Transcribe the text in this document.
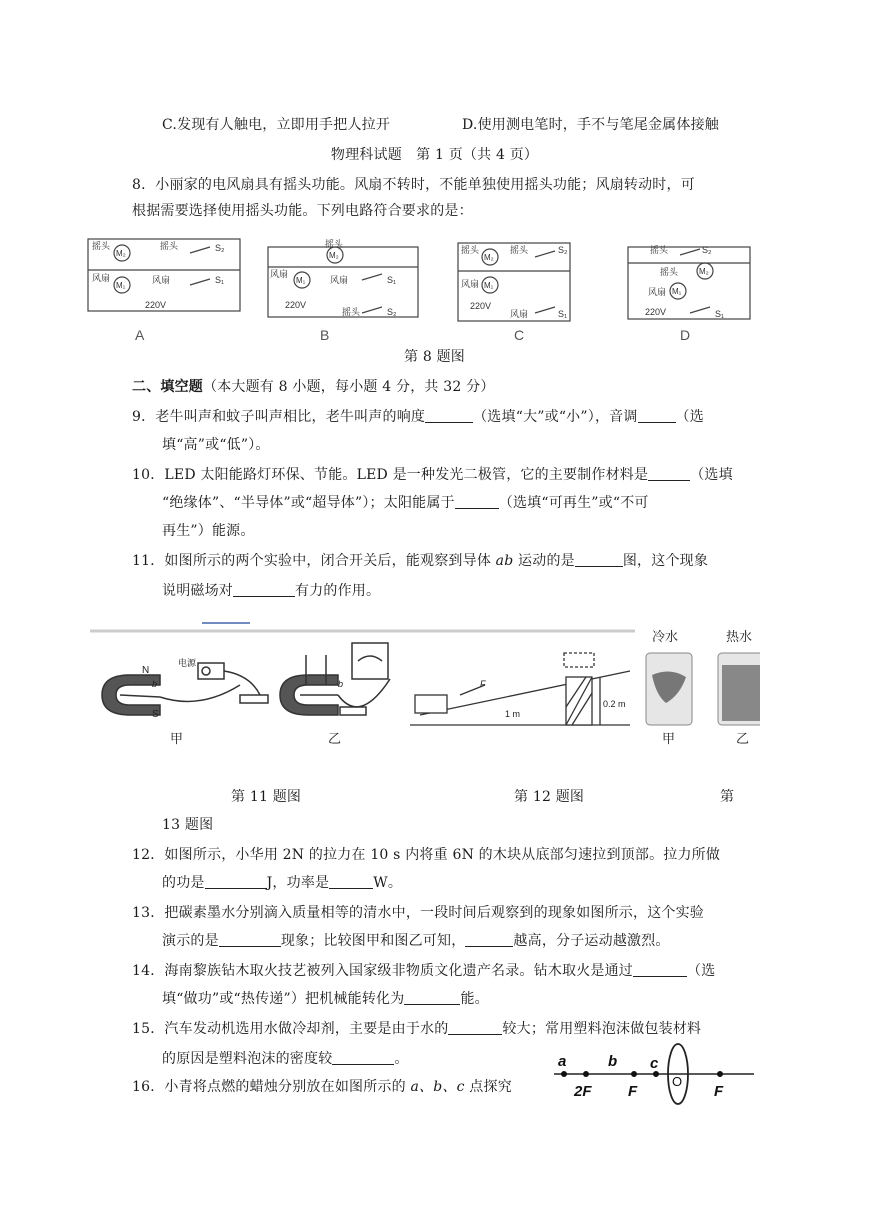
C.发现有人触电，立即用手把人拉开	D.使用测电笔时，手不与笔尾金属体接触
物理科试题　第 1 页（共 4 页）
8．小丽家的电风扇具有摇头功能。风扇不转时，不能单独使用摇头功能；风扇转动时，可
根据需要选择使用摇头功能。下列电路符合要求的是：
摇头
M₂
摇头	S₂
风扇
M₁
风扇	S₁
220V
摇头
M₂
风扇
M₁	风扇	S₁
220V
摇头	S₂
摇头
M₂
摇头	S₂
风扇 M₁
220V
风扇	S₁
摇头	S₂
摇头	M₂
风扇 M₁
220V	S₁
A	B	C	D
第 8 题图
二、填空题（本大题有 8 小题，每小题 4 分，共 32 分）
9．老牛叫声和蚊子叫声相比，老牛叫声的响度	（选填“大”或“小”），音调	（选
填“高”或“低”）。
10．LED 太阳能路灯环保、节能。LED 是一种发光二极管，它的主要制作材料是	（选填
“绝缘体”、“半导体”或“超导体”）；太阳能属于	（选填“可再生”或“不可
再生”）能源。
11．如图所示的两个实验中，闭合开关后，能观察到导体 ab 运动的是	图，这个现象
说明磁场对	有力的作用。
N
S
电源
b
甲
b
乙
F
1 m
0.2 m
冷水	热水
甲	乙
第 11 题图	第 12 题图	第
13 题图
12．如图所示，小华用 2N 的拉力在 10 s 内将重 6N 的木块从底部匀速拉到顶部。拉力所做
的功是	J，功率是	W。
13．把碳素墨水分别滴入质量相等的清水中，一段时间后观察到的现象如图所示，这个实验
演示的是	现象；比较图甲和图乙可知，	越高，分子运动越激烈。
14．海南黎族钻木取火技艺被列入国家级非物质文化遗产名录。钻木取火是通过	（选
填“做功”或“热传递”）把机械能转化为	能。
15．汽车发动机选用水做冷却剂，主要是由于水的	较大；常用塑料泡沫做包装材料
的原因是塑料泡沫的密度较	。
16．小青将点燃的蜡烛分别放在如图所示的 a、b、c 点探究
a	b c
2F F
O
F
